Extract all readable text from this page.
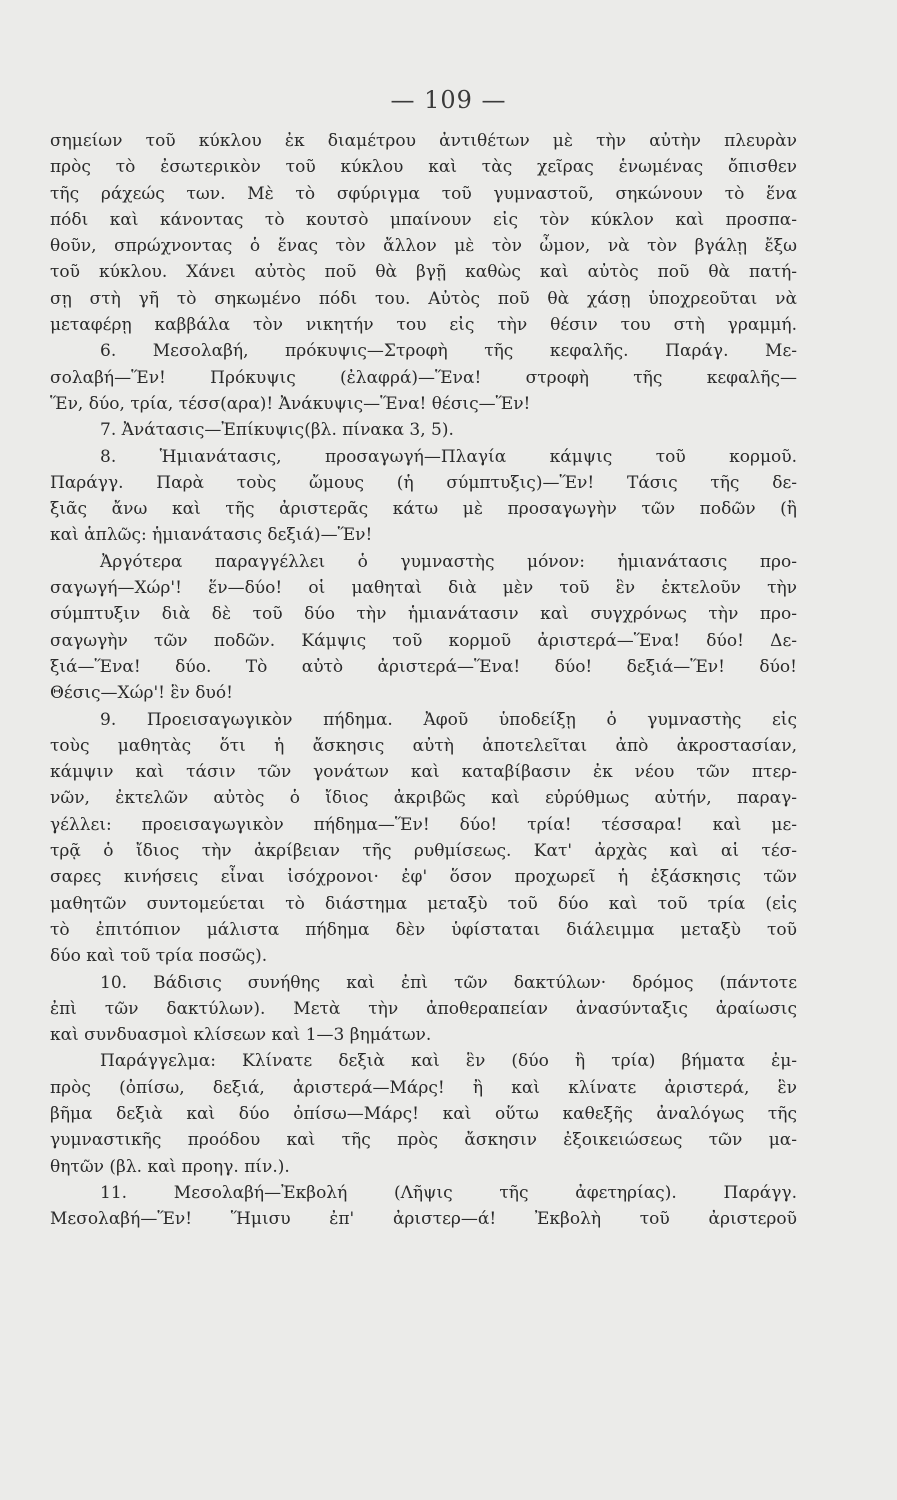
— 109 —
σημείων τοῦ κύκλου ἐκ διαμέτρου ἀντιθέτων μὲ τὴν αὐτὴν πλευρὰν
πρὸς τὸ ἐσωτερικὸν τοῦ κύκλου καὶ τὰς χεῖρας ἑνωμένας ὄπισθεν
τῆς ράχεώς των. Μὲ τὸ σφύριγμα τοῦ γυμναστοῦ, σηκώνουν τὸ ἕνα
πόδι καὶ κάνοντας τὸ κουτσὸ μπαίνουν εἰς τὸν κύκλον καὶ προσπα-
θοῦν, σπρώχνοντας ὁ ἕνας τὸν ἄλλον μὲ τὸν ὦμον, νὰ τὸν βγάλῃ ἔξω
τοῦ κύκλου. Χάνει αὐτὸς ποῦ θὰ βγῇ καθὼς καὶ αὐτὸς ποῦ θὰ πατή-
σῃ στὴ γῆ τὸ σηκωμένο πόδι του. Αὐτὸς ποῦ θὰ χάσῃ ὑποχρεοῦται νὰ
μεταφέρῃ καββάλα τὸν νικητήν του εἰς τὴν θέσιν του στὴ γραμμή.
6. Μεσολαβή, πρόκυψις—Στροφὴ τῆς κεφαλῆς. Παράγ. Με-
σολαβή—Ἕν! Πρόκυψις (ἐλαφρά)—Ἕνα! στροφὴ τῆς κεφαλῆς—
Ἕν, δύο, τρία, τέσσ(αρα)! Ἀνάκυψις—Ἕνα! θέσις—Ἕν!
7. Ἀνάτασις—Ἐπίκυψις(βλ. πίνακα 3, 5).
8. Ἡμιανάτασις, προσαγωγή—Πλαγία κάμψις τοῦ κορμοῦ.
Παράγγ. Παρὰ τοὺς ὤμους (ἡ σύμπτυξις)—Ἕν! Τάσις τῆς δε-
ξιᾶς ἄνω καὶ τῆς ἀριστερᾶς κάτω μὲ προσαγωγὴν τῶν ποδῶν (ἢ
καὶ ἁπλῶς: ἡμιανάτασις δεξιά)—Ἕν!
Ἀργότερα παραγγέλλει ὁ γυμναστὴς μόνον: ἡμιανάτασις προ-
σαγωγή—Χώρ'! ἕν—δύο! οἱ μαθηταὶ διὰ μὲν τοῦ ἓν ἐκτελοῦν τὴν
σύμπτυξιν διὰ δὲ τοῦ δύο τὴν ἡμιανάτασιν καὶ συγχρόνως τὴν προ-
σαγωγὴν τῶν ποδῶν. Κάμψις τοῦ κορμοῦ ἀριστερά—Ἕνα! δύο! Δε-
ξιά—Ἕνα! δύο. Τὸ αὐτὸ ἀριστερά—Ἕνα! δύο! δεξιά—Ἕν! δύο!
Θέσις—Χώρ'! ἓν δυό!
9. Προεισαγωγικὸν πήδημα. Ἀφοῦ ὑποδείξῃ ὁ γυμναστὴς εἰς
τοὺς μαθητὰς ὅτι ἡ ἄσκησις αὐτὴ ἀποτελεῖται ἀπὸ ἀκροστασίαν,
κάμψιν καὶ τάσιν τῶν γονάτων καὶ καταβίβασιν ἐκ νέου τῶν πτερ-
νῶν, ἐκτελῶν αὐτὸς ὁ ἴδιος ἀκριβῶς καὶ εὐρύθμως αὐτήν, παραγ-
γέλλει: προεισαγωγικὸν πήδημα—Ἕν! δύο! τρία! τέσσαρα! καὶ με-
τρᾷ ὁ ἴδιος τὴν ἀκρίβειαν τῆς ρυθμίσεως. Κατ' ἀρχὰς καὶ αἱ τέσ-
σαρες κινήσεις εἶναι ἰσόχρονοι· ἐφ' ὅσον προχωρεῖ ἡ ἐξάσκησις τῶν
μαθητῶν συντομεύεται τὸ διάστημα μεταξὺ τοῦ δύο καὶ τοῦ τρία (εἰς
τὸ ἐπιτόπιον μάλιστα πήδημα δὲν ὑφίσταται διάλειμμα μεταξὺ τοῦ
δύο καὶ τοῦ τρία ποσῶς).
10. Βάδισις συνήθης καὶ ἐπὶ τῶν δακτύλων· δρόμος (πάντοτε
ἐπὶ τῶν δακτύλων). Μετὰ τὴν ἀποθεραπείαν ἀνασύνταξις ἀραίωσις
καὶ συνδυασμοὶ κλίσεων καὶ 1—3 βημάτων.
Παράγγελμα: Κλίνατε δεξιὰ καὶ ἓν (δύο ἢ τρία) βήματα ἐμ-
πρὸς (ὀπίσω, δεξιά, ἀριστερά—Μάρς! ἢ καὶ κλίνατε ἀριστερά, ἓν
βῆμα δεξιὰ καὶ δύο ὀπίσω—Μάρς! καὶ οὕτω καθεξῆς ἀναλόγως τῆς
γυμναστικῆς προόδου καὶ τῆς πρὸς ἄσκησιν ἐξοικειώσεως τῶν μα-
θητῶν (βλ. καὶ προηγ. πίν.).
11. Μεσολαβή—Ἐκβολή (Λῆψις τῆς ἀφετηρίας). Παράγγ.
Μεσολαβή—Ἕν! Ἥμισυ ἐπ' ἀριστερ—ά! Ἐκβολὴ τοῦ ἀριστεροῦ
